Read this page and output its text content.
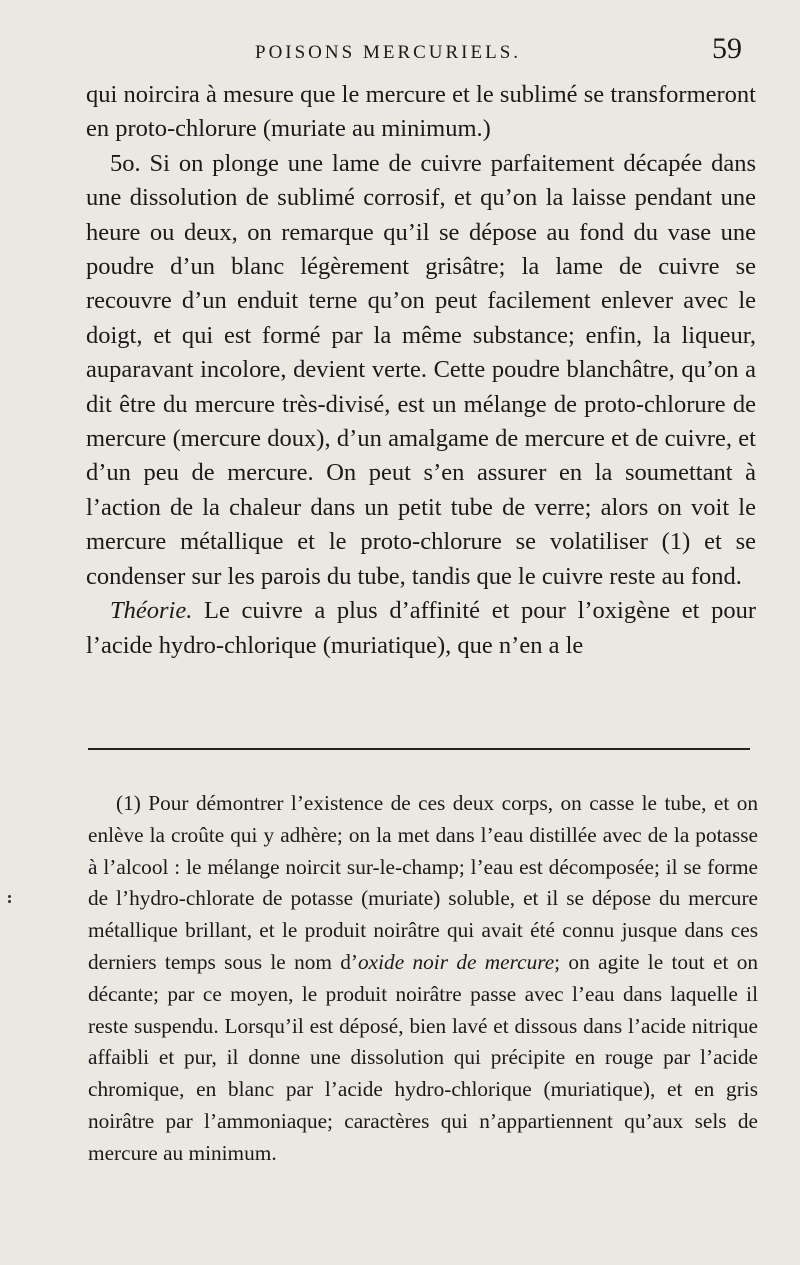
POISONS MERCURIELS.	59

qui noircira à mesure que le mercure et le sublimé se transformeront en proto-chlorure (muriate au minimum.)

5o. Si on plonge une lame de cuivre parfaitement décapée dans une dissolution de sublimé corrosif, et qu’on la laisse pendant une heure ou deux, on remarque qu’il se dépose au fond du vase une poudre d’un blanc légèrement grisâtre; la lame de cuivre se recouvre d’un enduit terne qu’on peut facilement enlever avec le doigt, et qui est formé par la même substance; enfin, la liqueur, auparavant incolore, devient verte. Cette poudre blanchâtre, qu’on a dit être du mercure très-divisé, est un mélange de proto-chlorure de mercure (mercure doux), d’un amalgame de mercure et de cuivre, et d’un peu de mercure. On peut s’en assurer en la soumettant à l’action de la chaleur dans un petit tube de verre; alors on voit le mercure métallique et le proto-chlorure se volatiliser (1) et se condenser sur les parois du tube, tandis que le cuivre reste au fond.

Théorie. Le cuivre a plus d’affinité et pour l’oxigène et pour l’acide hydro-chlorique (muriatique), que n’en a le

(1) Pour démontrer l’existence de ces deux corps, on casse le tube, et on enlève la croûte qui y adhère; on la met dans l’eau distillée avec de la potasse à l’alcool : le mélange noircit sur-le-champ; l’eau est décomposée; il se forme de l’hydro-chlorate de potasse (muriate) soluble, et il se dépose du mercure métallique brillant, et le produit noirâtre qui avait été connu jusque dans ces derniers temps sous le nom d’oxide noir de mercure; on agite le tout et on décante; par ce moyen, le produit noirâtre passe avec l’eau dans laquelle il reste suspendu. Lorsqu’il est déposé, bien lavé et dissous dans l’acide nitrique affaibli et pur, il donne une dissolution qui précipite en rouge par l’acide chromique, en blanc par l’acide hydro-chlorique (muriatique), et en gris noirâtre par l’ammoniaque; caractères qui n’appartiennent qu’aux sels de mercure au minimum.
